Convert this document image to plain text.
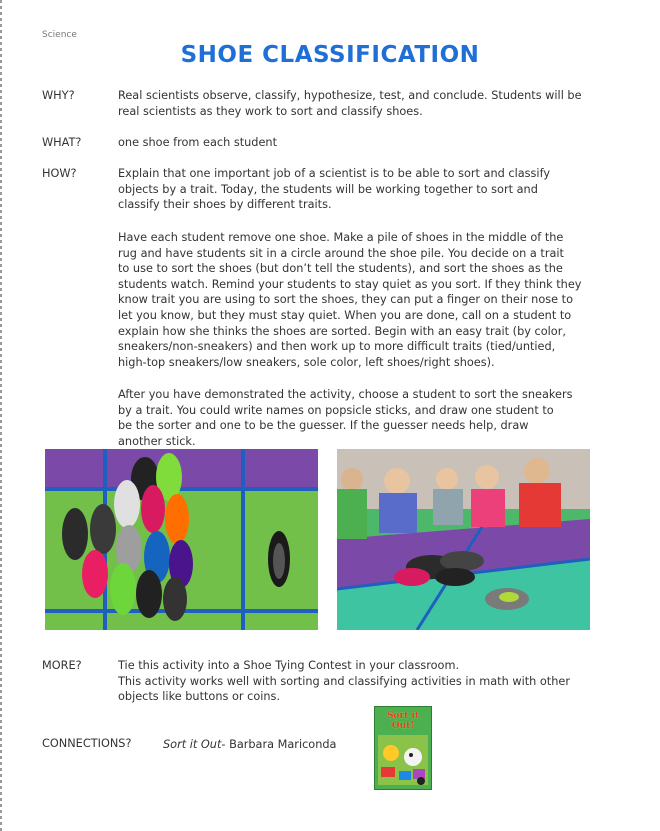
Science
SHOE CLASSIFICATION
WHY?	Real scientists observe, classify, hypothesize, test, and conclude. Students will be
real scientists as they work to sort and classify shoes.
WHAT?	one shoe from each student
HOW?	Explain that one important job of a scientist is to be able to sort and classify
objects by a trait. Today, the students will be working together to sort and
classify their shoes by different traits.
Have each student remove one shoe. Make a pile of shoes in the middle of the
rug and have students sit in a circle around the shoe pile. You decide on a trait
to use to sort the shoes (but don’t tell the students), and sort the shoes as the
students watch. Remind your students to stay quiet as you sort. If they think they
know trait you are using to sort the shoes, they can put a finger on their nose to
let you know, but they must stay quiet. When you are done, call on a student to
explain how she thinks the shoes are sorted. Begin with an easy trait (by color,
sneakers/non-sneakers) and then work up to more difficult traits (tied/untied,
high-top sneakers/low sneakers, sole color, left shoes/right shoes).
After you have demonstrated the activity, choose a student to sort the sneakers
by a trait. You could write names on popsicle sticks, and draw one student to
be the sorter and one to be the guesser. If the guesser needs help, draw
another stick.
MORE?	Tie this activity into a Shoe Tying Contest in your classroom.
This activity works well with sorting and classifying activities in math with other
objects like buttons or coins.
CONNECTIONS?	Sort it Out- Barbara Mariconda
Sort it Out!
